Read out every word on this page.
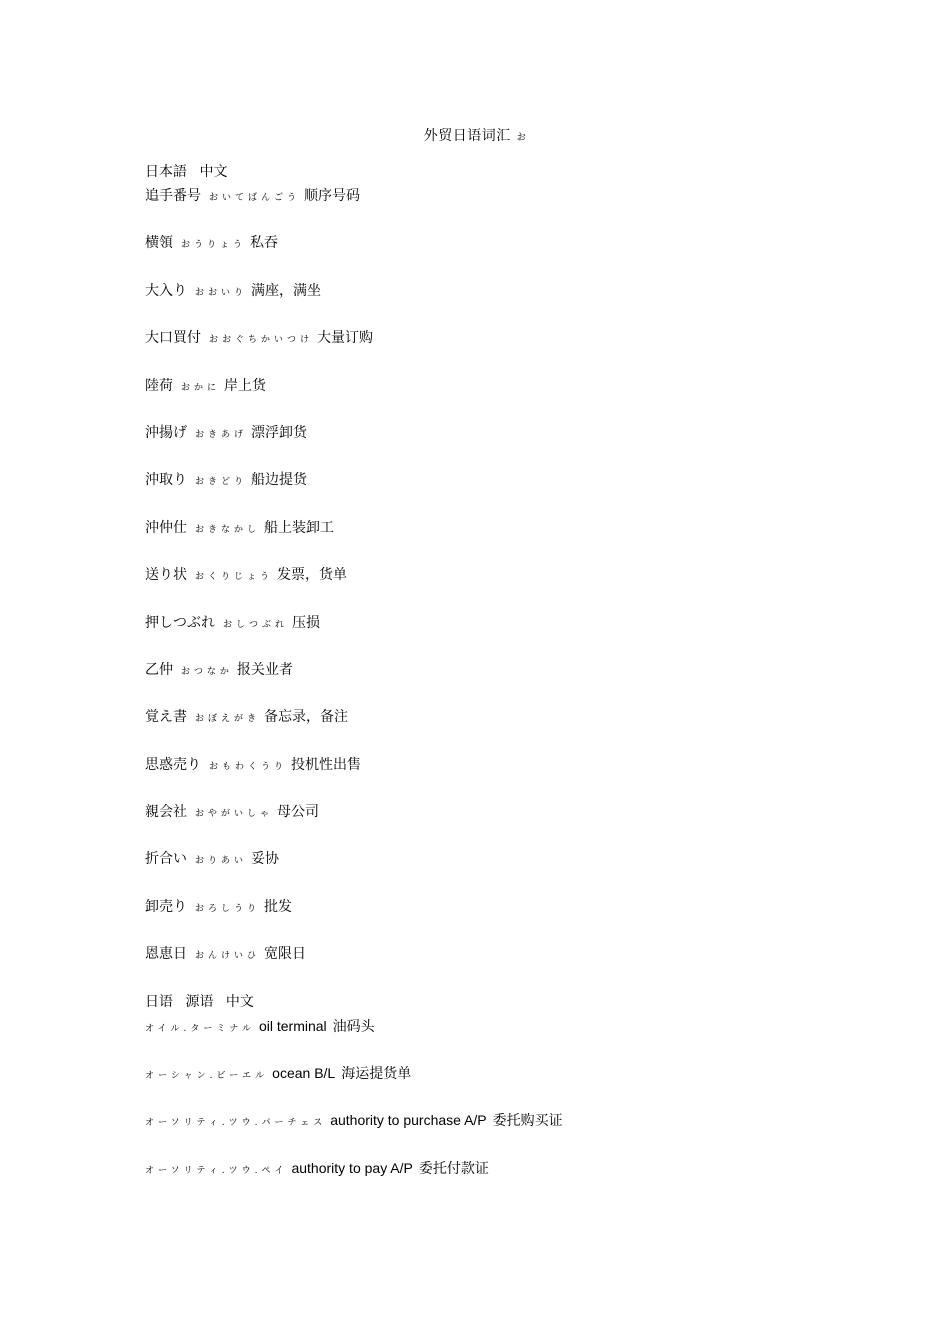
外贸日语词汇 お
日本語 中文
追手番号 おいてばんごう 顺序号码
横領 おうりょう 私吞
大入り おおいり 满座，满坐
大口買付 おおぐちかいつけ 大量订购
陸荷 おかに 岸上货
沖揚げ おきあげ 漂浮卸货
沖取り おきどり 船边提货
沖仲仕 おきなかし 船上装卸工
送り状 おくりじょう 发票，货单
押しつぶれ おしつぶれ 压损
乙仲 おつなか 报关业者
覚え書 おぼえがき 备忘录，备注
思惑売り おもわくうり 投机性出售
親会社 おやがいしゃ 母公司
折合い おりあい 妥协
卸売り おろしうり 批发
恩恵日 おんけいひ 宽限日
日语 源语 中文
オイル.ターミナル oil terminal 油码头
オーシャン.ビーエル ocean B/L 海运提货单
オーソリティ.ツウ.パーチェス authority to purchase A/P 委托购买证
オーソリティ.ツウ.ペイ authority to pay A/P 委托付款证
